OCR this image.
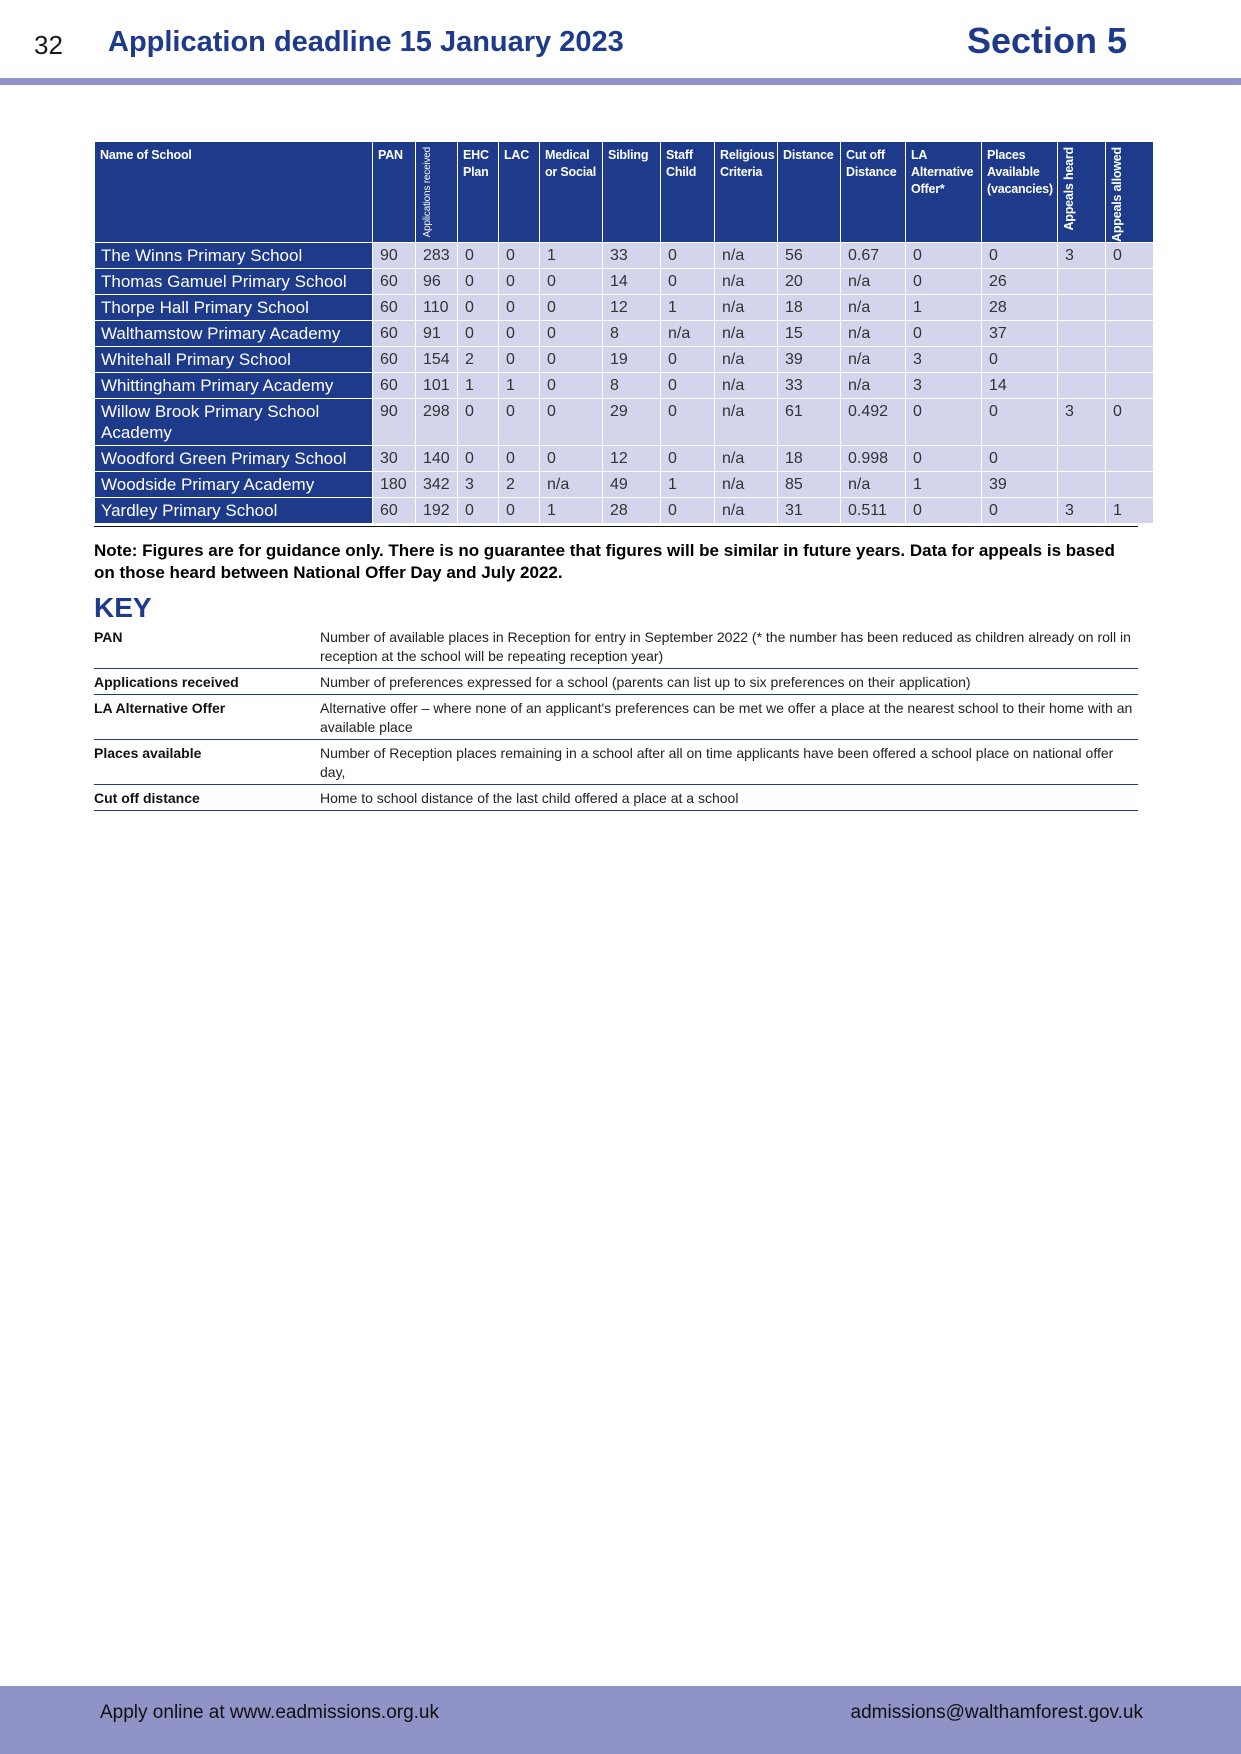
32 Application deadline 15 January 2023	Section 5
Name of School	PAN	Applications received	EHC Plan	LAC	Medical or Social	Sibling	Staff Child	Religious Criteria	Distance	Cut off Distance	LA Alternative Offer*	Places Available (vacancies)	Appeals heard	Appeals allowed

The Winns Primary School	90	283	0	0	1	33	0	n/a	56	0.67	0	0	3	0
Thomas Gamuel Primary School	60	96	0	0	0	14	0	n/a	20	n/a	0	26		
Thorpe Hall Primary School	60	110	0	0	0	12	1	n/a	18	n/a	1	28		
Walthamstow Primary Academy	60	91	0	0	0	8	n/a	n/a	15	n/a	0	37		
Whitehall Primary School	60	154	2	0	0	19	0	n/a	39	n/a	3	0		
Whittingham Primary Academy	60	101	1	1	0	8	0	n/a	33	n/a	3	14		
Willow Brook Primary School Academy	90	298	0	0	0	29	0	n/a	61	0.492	0	0	3	0
Woodford Green Primary School	30	140	0	0	0	12	0	n/a	18	0.998	0	0		
Woodside Primary Academy	180	342	3	2	n/a	49	1	n/a	85	n/a	1	39		
Yardley Primary School	60	192	0	0	1	28	0	n/a	31	0.511	0	0	3	1
Note: Figures are for guidance only. There is no guarantee that figures will be similar in future years. Data for appeals is based on those heard between National Offer Day and July 2022.
KEY
PAN	Number of available places in Reception for entry in September 2022 (* the number has been reduced as children already on roll in reception at the school will be repeating reception year)
Applications received	Number of preferences expressed for a school (parents can list up to six preferences on their application)
LA Alternative Offer	Alternative offer – where none of an applicant's preferences can be met we offer a place at the nearest school to their home with an available place
Places available	Number of Reception places remaining in a school after all on time applicants have been offered a school place on national offer day,
Cut off distance	Home to school distance of the last child offered a place at a school
Apply online at www.eadmissions.org.uk	admissions@walthamforest.gov.uk
